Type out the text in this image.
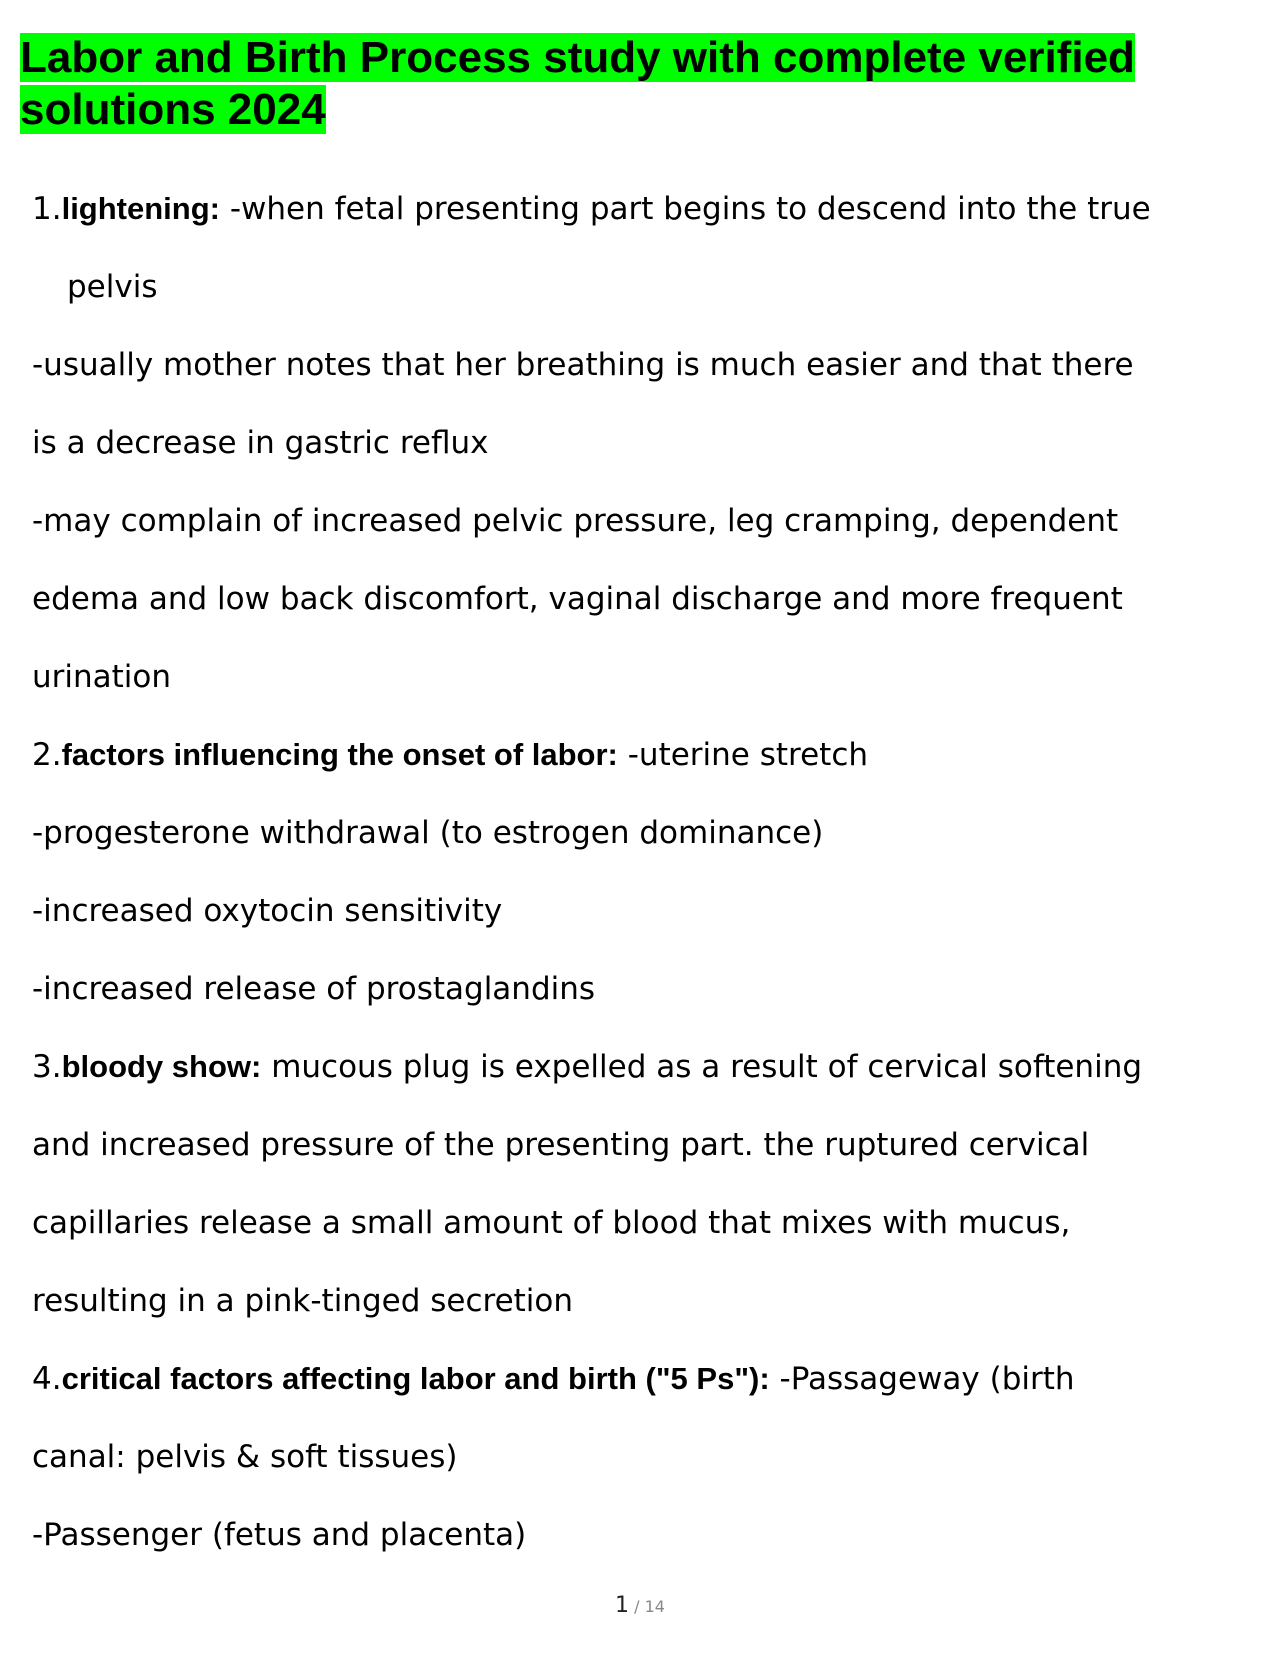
Labor and Birth Process study with complete verified solutions 2024
1.lightening: -when fetal presenting part begins to descend into the true
pelvis
-usually mother notes that her breathing is much easier and that there
is a decrease in gastric reflux
-may complain of increased pelvic pressure, leg cramping, dependent
edema and low back discomfort, vaginal discharge and more frequent
urination
2.factors influencing the onset of labor: -uterine stretch
-progesterone withdrawal (to estrogen dominance)
-increased oxytocin sensitivity
-increased release of prostaglandins
3.bloody show: mucous plug is expelled as a result of cervical softening
and increased pressure of the presenting part. the ruptured cervical
capillaries release a small amount of blood that mixes with mucus,
resulting in a pink-tinged secretion
4.critical factors affecting labor and birth ("5 Ps"): -Passageway (birth
canal: pelvis & soft tissues)
-Passenger (fetus and placenta)
1 / 14
